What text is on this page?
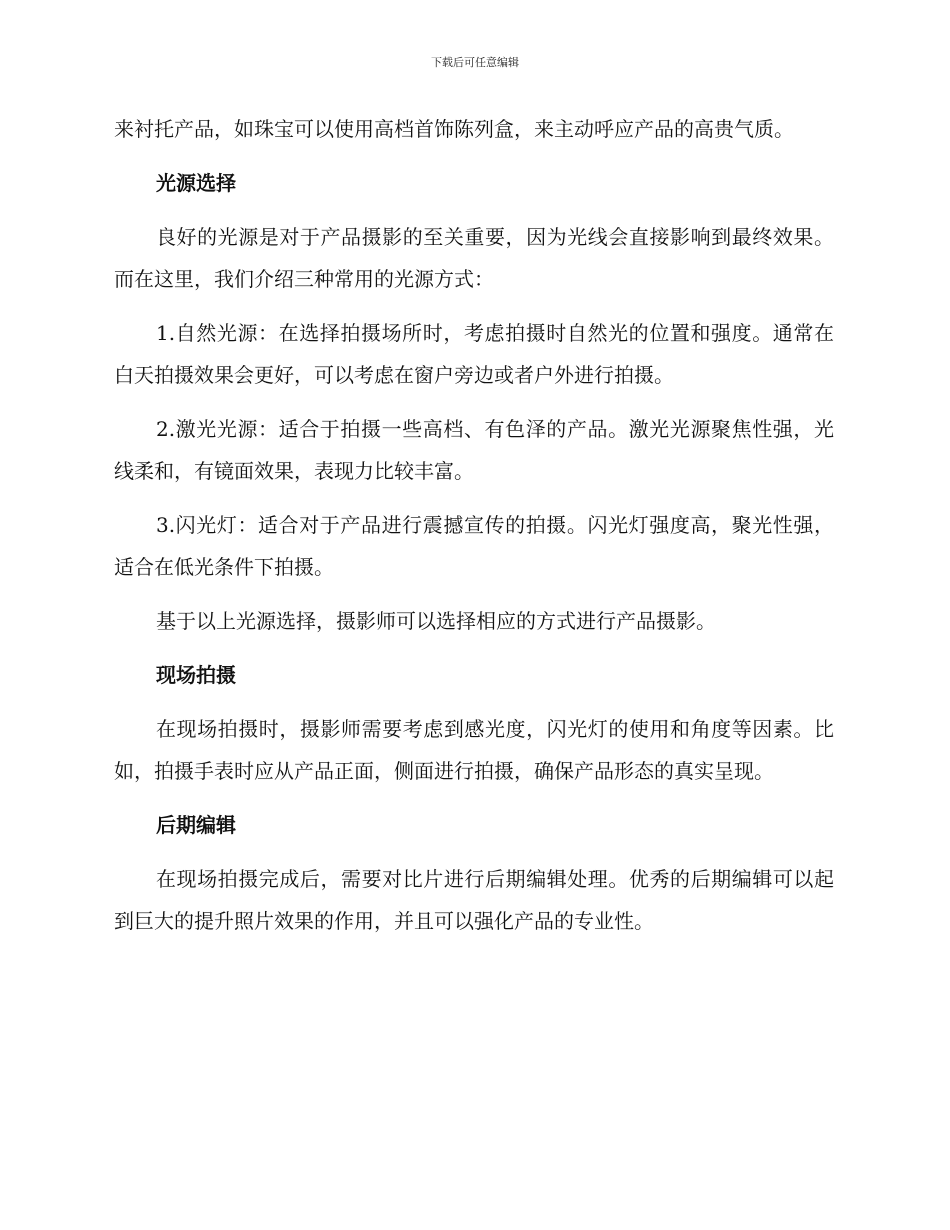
下载后可任意编辑

来衬托产品，如珠宝可以使用高档首饰陈列盒，来主动呼应产品的高贵气质。

光源选择

良好的光源是对于产品摄影的至关重要，因为光线会直接影响到最终效果。而在这里，我们介绍三种常用的光源方式：

1.自然光源：在选择拍摄场所时，考虑拍摄时自然光的位置和强度。通常在白天拍摄效果会更好，可以考虑在窗户旁边或者户外进行拍摄。

2.激光光源：适合于拍摄一些高档、有色泽的产品。激光光源聚焦性强，光线柔和，有镜面效果，表现力比较丰富。

3.闪光灯：适合对于产品进行震撼宣传的拍摄。闪光灯强度高，聚光性强，适合在低光条件下拍摄。

基于以上光源选择，摄影师可以选择相应的方式进行产品摄影。

现场拍摄

在现场拍摄时，摄影师需要考虑到感光度，闪光灯的使用和角度等因素。比如，拍摄手表时应从产品正面，侧面进行拍摄，确保产品形态的真实呈现。

后期编辑

在现场拍摄完成后，需要对比片进行后期编辑处理。优秀的后期编辑可以起到巨大的提升照片效果的作用，并且可以强化产品的专业性。
